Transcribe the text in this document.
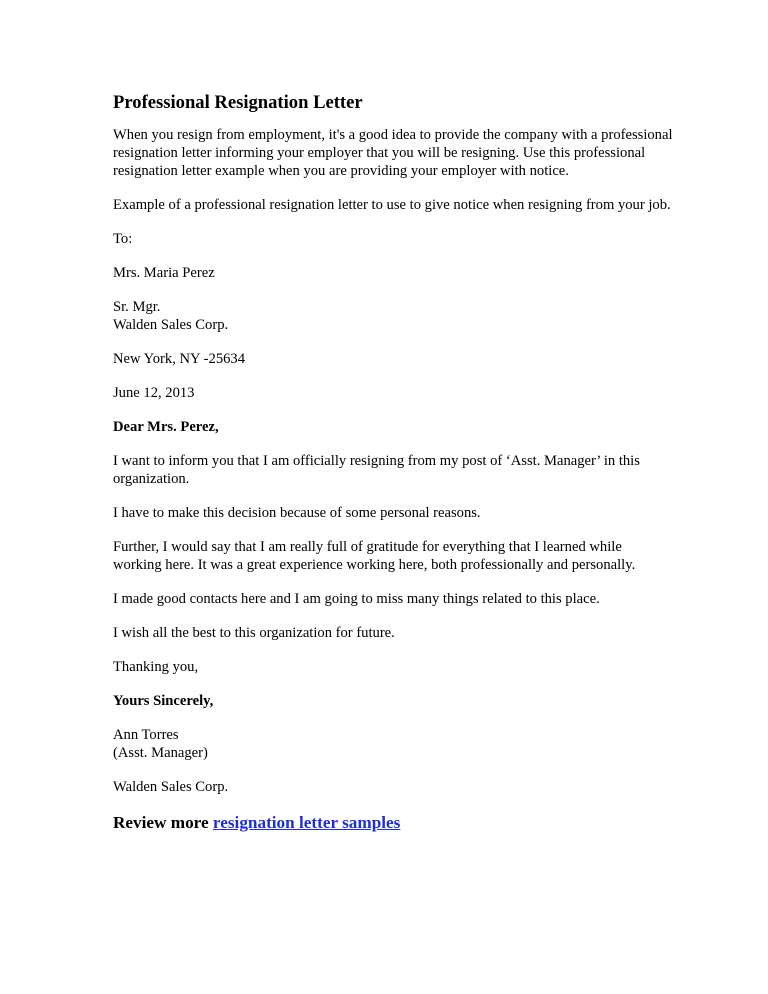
Professional Resignation Letter

When you resign from employment, it's a good idea to provide the company with a professional resignation letter informing your employer that you will be resigning. Use this professional resignation letter example when you are providing your employer with notice.

Example of a professional resignation letter to use to give notice when resigning from your job.

To:

Mrs. Maria Perez

Sr. Mgr.
Walden Sales Corp.

New York, NY -25634

June 12, 2013

Dear Mrs. Perez,

I want to inform you that I am officially resigning from my post of ‘Asst. Manager’ in this organization.

I have to make this decision because of some personal reasons.

Further, I would say that I am really full of gratitude for everything that I learned while working here. It was a great experience working here, both professionally and personally.

I made good contacts here and I am going to miss many things related to this place.

I wish all the best to this organization for future.

Thanking you,

Yours Sincerely,

Ann Torres
(Asst. Manager)

Walden Sales Corp.

Review more resignation letter samples
